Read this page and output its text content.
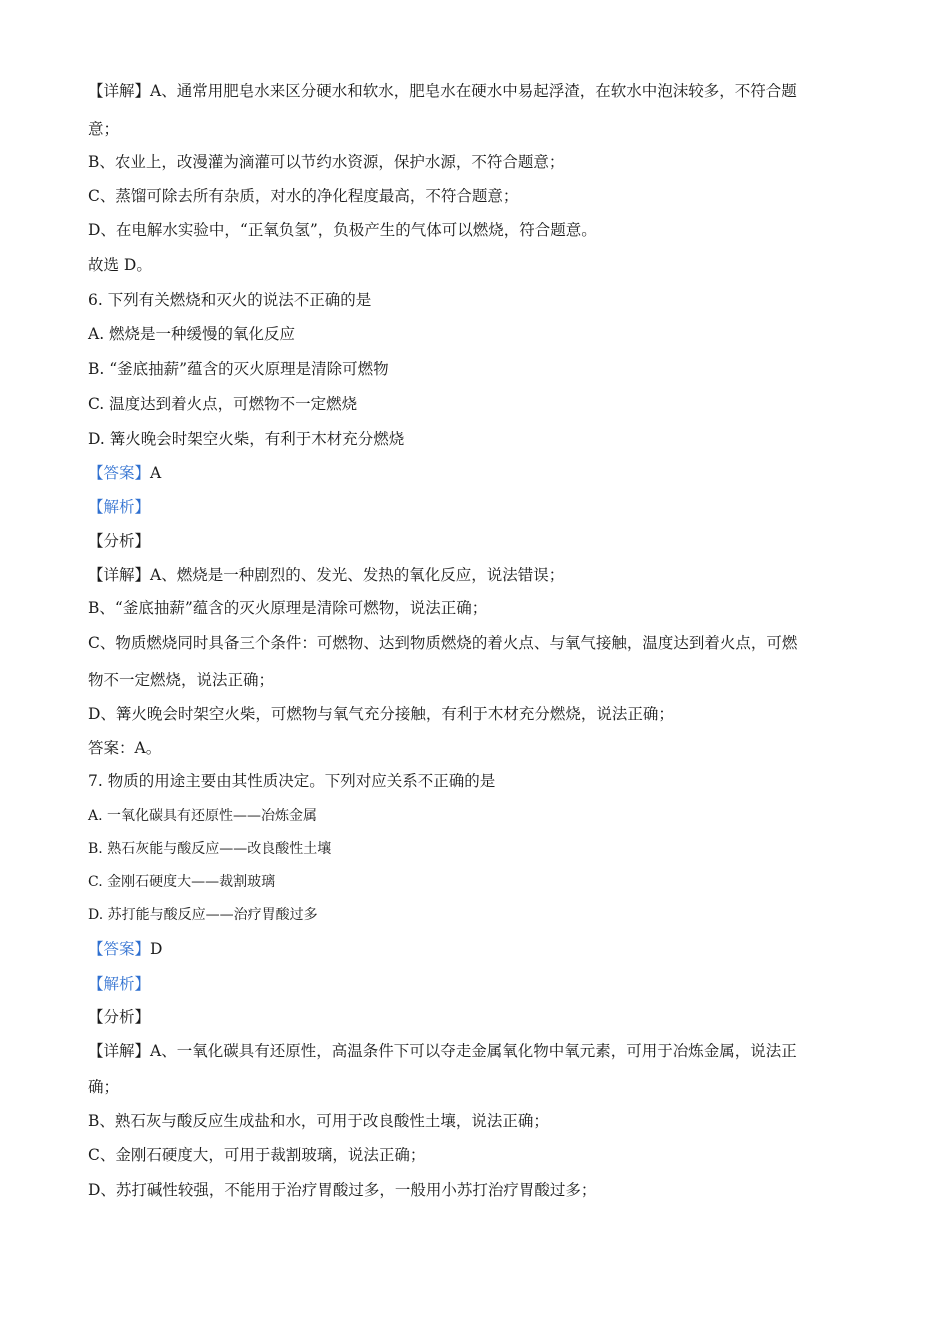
【详解】A、通常用肥皂水来区分硬水和软水，肥皂水在硬水中易起浮渣，在软水中泡沫较多，不符合题
意；
B、农业上，改漫灌为滴灌可以节约水资源，保护水源，不符合题意；
C、蒸馏可除去所有杂质，对水的净化程度最高，不符合题意；
D、在电解水实验中，“正氧负氢”，负极产生的气体可以燃烧，符合题意。
故选 D。
6. 下列有关燃烧和灭火的说法不正确的是
A. 燃烧是一种缓慢的氧化反应
B. “釜底抽薪”蕴含的灭火原理是清除可燃物
C. 温度达到着火点，可燃物不一定燃烧
D. 篝火晚会时架空火柴，有利于木材充分燃烧
【答案】A
【解析】
【分析】
【详解】A、燃烧是一种剧烈的、发光、发热的氧化反应，说法错误；
B、“釜底抽薪”蕴含的灭火原理是清除可燃物，说法正确；
C、物质燃烧同时具备三个条件：可燃物、达到物质燃烧的着火点、与氧气接触，温度达到着火点，可燃
物不一定燃烧，说法正确；
D、篝火晚会时架空火柴，可燃物与氧气充分接触，有利于木材充分燃烧，说法正确；
答案：A。
7. 物质的用途主要由其性质决定。下列对应关系不正确的是
A. 一氧化碳具有还原性——冶炼金属
B. 熟石灰能与酸反应——改良酸性土壤
C. 金刚石硬度大——裁割玻璃
D. 苏打能与酸反应——治疗胃酸过多
【答案】D
【解析】
【分析】
【详解】A、一氧化碳具有还原性，高温条件下可以夺走金属氧化物中氧元素，可用于冶炼金属，说法正
确；
B、熟石灰与酸反应生成盐和水，可用于改良酸性土壤，说法正确；
C、金刚石硬度大，可用于裁割玻璃，说法正确；
D、苏打碱性较强，不能用于治疗胃酸过多，一般用小苏打治疗胃酸过多；
